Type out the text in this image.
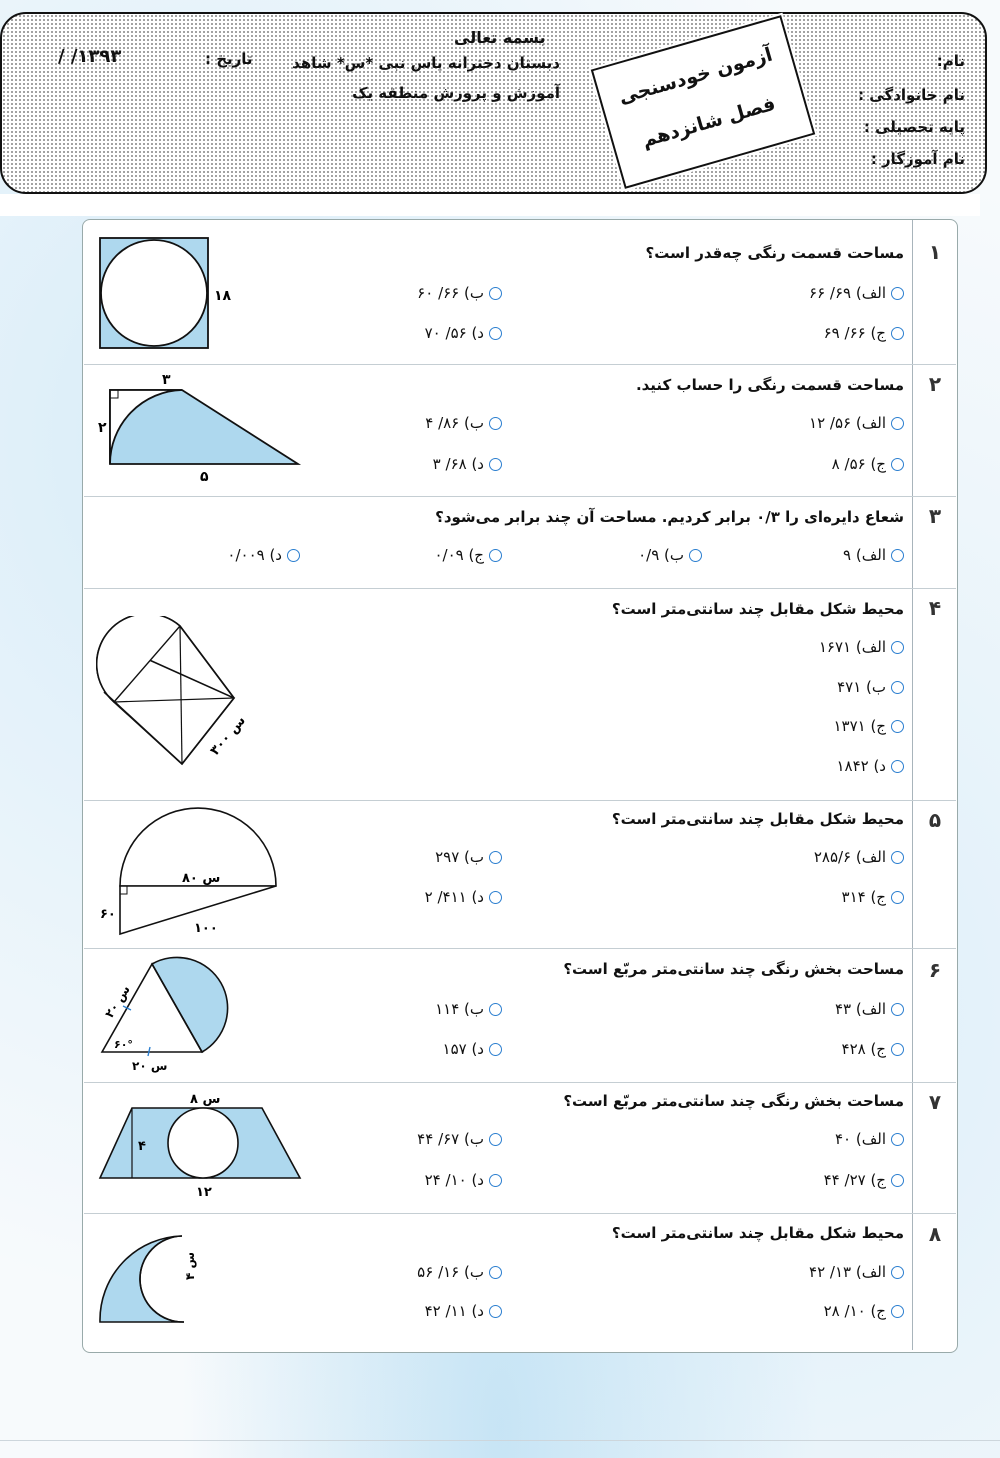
بسمه تعالی
دبستان دخترانه یاس نبی *س* شاهد
آموزش و پرورش منطقه یک
تاریخ :
۱۳۹۳/ /	نام:
نام خانوادگی :
پایه تحصیلی :
نام آموزگار :
آزمون خودسنجی
فصل شانزدهم
۱
مساحت قسمت رنگی چه‌قدر است؟
الف) ۶۹/ ۶۶
ب) ۶۶/ ۶۰
ج) ۶۶/ ۶۹
د) ۵۶/ ۷۰
۱۸
۲
مساحت قسمت رنگی را حساب کنید.
الف) ۵۶/ ۱۲
ب) ۸۶/ ۴
ج) ۵۶/ ۸
د) ۶۸/ ۳
۳
۲
۵
۳
شعاع دایره‌ای را ۰/۳ برابر کردیم. مساحت آن چند برابر می‌شود؟
الف) ۹
ب) ۰/۹
ج) ۰/۰۹
د) ۰/۰۰۹
۴
محیط شکل مقابل چند سانتی‌متر است؟
الف) ۱۶۷۱
ب) ۴۷۱
ج) ۱۳۷۱
د) ۱۸۴۲
۳۰۰ س
۵
محیط شکل مقابل چند سانتی‌متر است؟
الف) ۲۸۵/۶
ب) ۲۹۷
ج) ۳۱۴
د) ۴۱۱/ ۲
۸۰ س
۶۰
۱۰۰
۶
مساحت بخش رنگی چند سانتی‌متر مربّع است؟
الف) ۴۳
ب) ۱۱۴
ج) ۴۲۸
د) ۱۵۷
۲۰ س
۶۰°
۲۰ س
۷
مساحت بخش رنگی چند سانتی‌متر مربّع است؟
الف) ۴۰
ب) ۶۷/ ۴۴
ج) ۲۷/ ۴۴
د) ۱۰/ ۲۴
۸ س
۴
۱۲
۸
محیط شکل مقابل چند سانتی‌متر است؟
الف) ۱۳/ ۴۲
ب) ۱۶/ ۵۶
ج) ۱۰/ ۲۸
د) ۱۱/ ۴۲
۴ س
